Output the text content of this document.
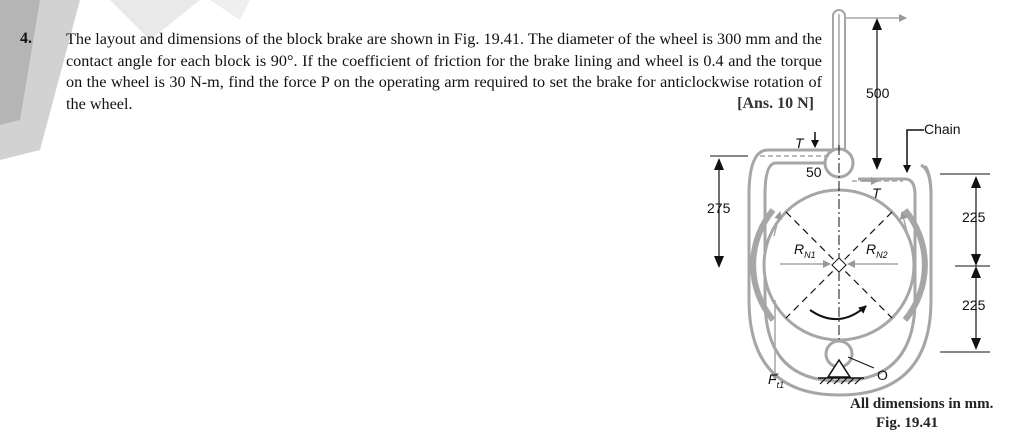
4. The layout and dimensions of the block brake are shown in Fig. 19.41. The diameter of the wheel is 300 mm and the contact angle for each block is 90°. If the coefficient of friction for the brake lining and wheel is 0.4 and the torque on the wheel is 30 N-m, find the force P on the operating arm required to set the brake for anticlockwise rotation of the wheel.	[Ans. 10 N]
500
T
50
T
Chain
275
225
225
$R_{N1}$	$R_{N2}$
$F_{t1}$
O
All dimensions in mm.
Fig. 19.41
